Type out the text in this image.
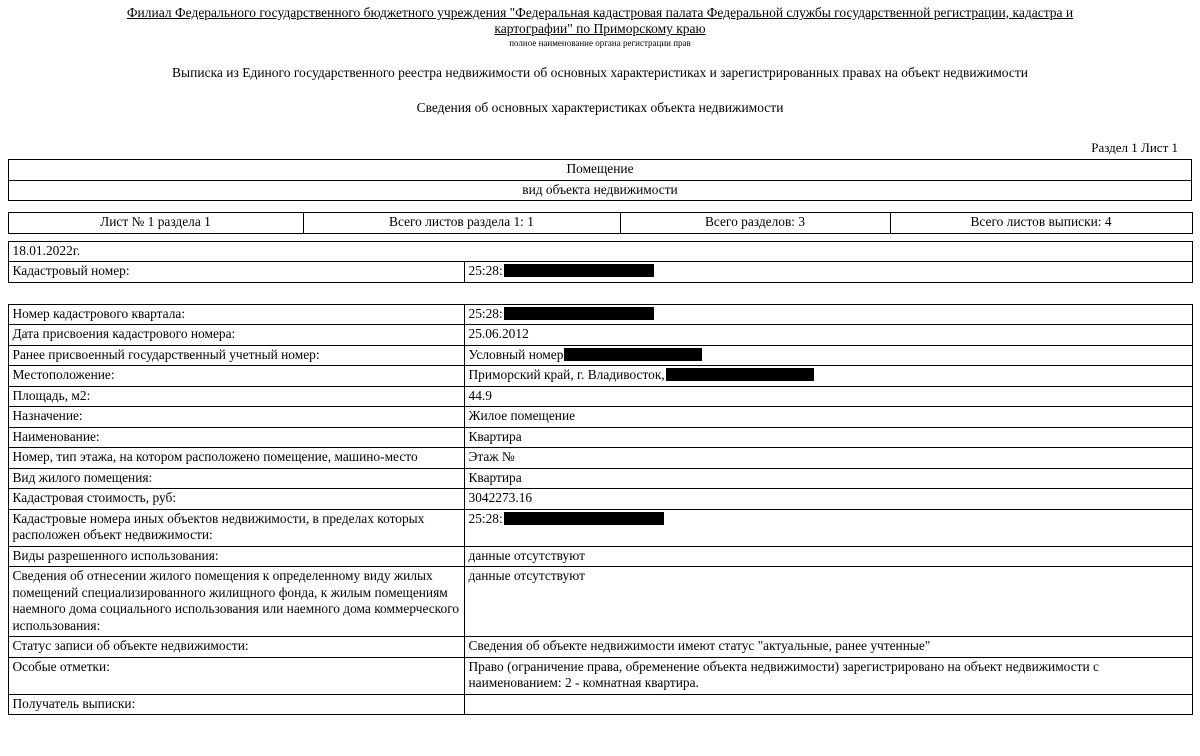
Филиал Федерального государственного бюджетного учреждения "Федеральная кадастровая палата Федеральной службы государственной регистрации, кадастра и
картографии" по Приморскому краю
полное наименование органа регистрации прав
Выписка из Единого государственного реестра недвижимости об основных характеристиках и зарегистрированных правах на объект недвижимости
Сведения об основных характеристиках объекта недвижимости
Раздел 1 Лист 1
Помещение
вид объекта недвижимости
Лист № 1 раздела 1	Всего листов раздела 1: 1	Всего разделов: 3	Всего листов выписки: 4
18.01.2022г.
Кадастровый номер:	25:28:
Номер кадастрового квартала:	25:28:
Дата присвоения кадастрового номера:	25.06.2012
Ранее присвоенный государственный учетный номер:	Условный номер
Местоположение:	Приморский край, г. Владивосток,
Площадь, м2:	44.9
Назначение:	Жилое помещение
Наименование:	Квартира
Номер, тип этажа, на котором расположено помещение, машино-место	Этаж №
Вид жилого помещения:	Квартира
Кадастровая стоимость, руб:	3042273.16
Кадастровые номера иных объектов недвижимости, в пределах которых расположен объект недвижимости:	25:28:
Виды разрешенного использования:	данные отсутствуют
Сведения об отнесении жилого помещения к определенному виду жилых помещений специализированного жилищного фонда, к жилым помещениям наемного дома социального использования или наемного дома коммерческого использования:	данные отсутствуют
Статус записи об объекте недвижимости:	Сведения об объекте недвижимости имеют статус "актуальные, ранее учтенные"
Особые отметки:	Право (ограничение права, обременение объекта недвижимости) зарегистрировано на объект недвижимости с наименованием: 2 - комнатная квартира.
Получатель выписки:	
